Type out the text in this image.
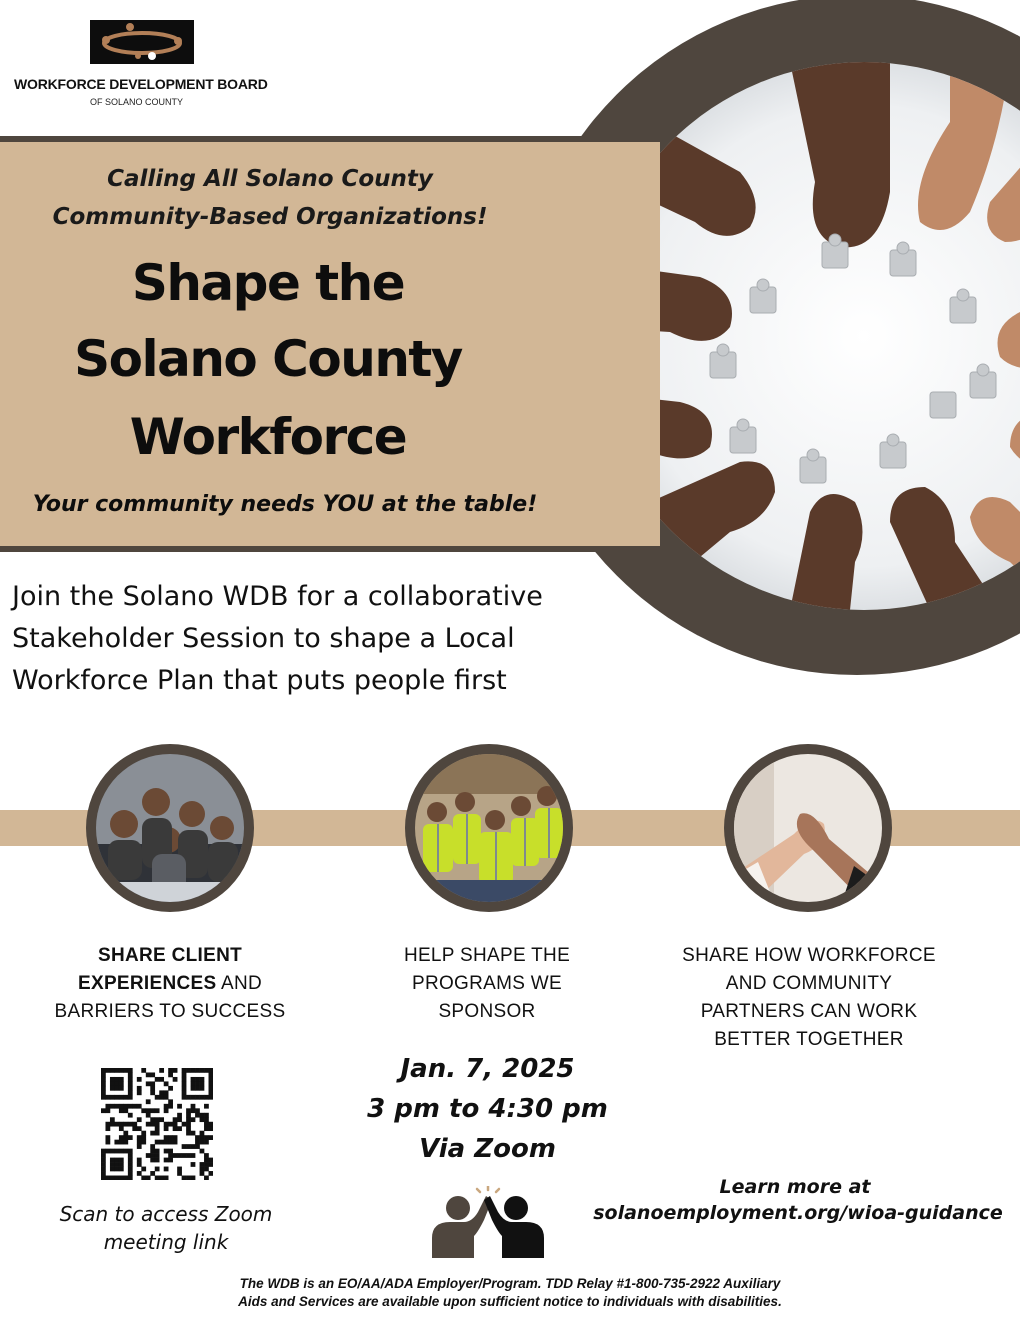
WORKFORCE DEVELOPMENT BOARD
OF SOLANO COUNTY
Calling All Solano County
Community-Based Organizations!
Shape the
Solano County
Workforce
Your community needs YOU at the table!
Join the Solano WDB for a collaborative
Stakeholder Session to shape a Local
Workforce Plan that puts people first
SHARE CLIENT
EXPERIENCES AND
BARRIERS TO SUCCESS
HELP SHAPE THE
PROGRAMS WE
SPONSOR
SHARE HOW WORKFORCE
AND COMMUNITY
PARTNERS CAN WORK
BETTER TOGETHER
Scan to access Zoom
meeting link
Jan. 7, 2025
3 pm to 4:30 pm
Via Zoom
Learn more at
solanoemployment.org/wioa-guidance
The WDB is an EO/AA/ADA Employer/Program. TDD Relay #1-800-735-2922 Auxiliary
Aids and Services are available upon sufficient notice to individuals with disabilities.
